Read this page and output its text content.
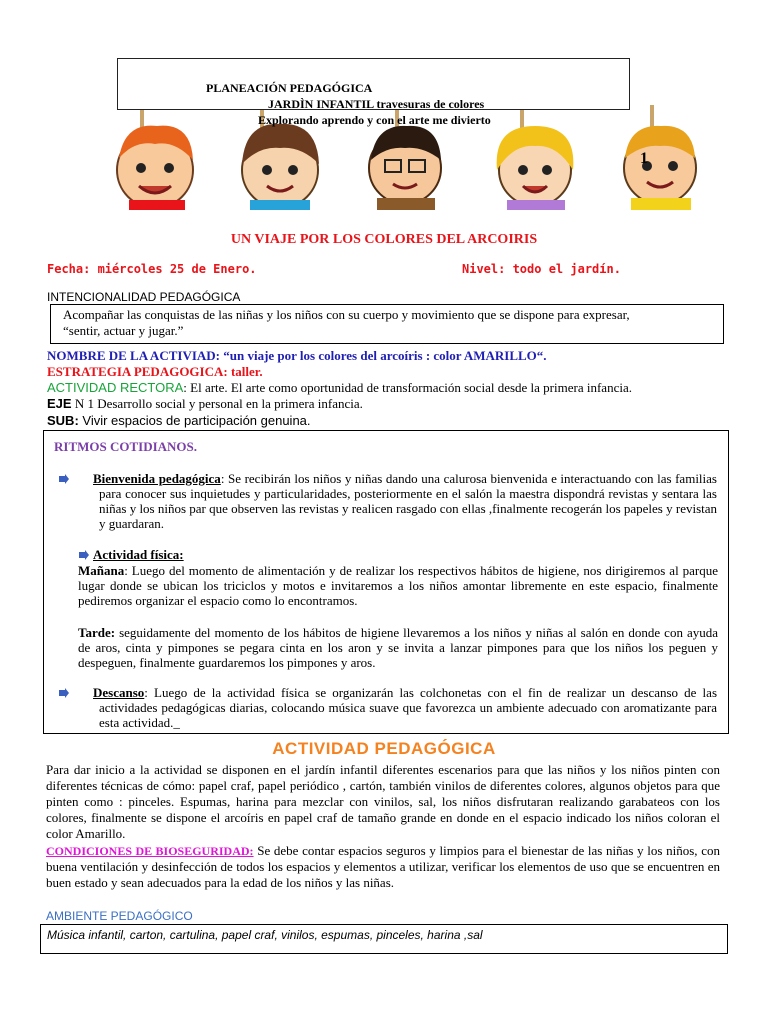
1
PLANEACIÓN PEDAGÓGICA
JARDÌN INFANTIL travesuras de colores
Explorando aprendo y con el arte me divierto
UN VIAJE POR LOS COLORES DEL ARCOIRIS
Fecha: miércoles 25 de Enero.	Nivel: todo el jardín.
INTENCIONALIDAD PEDAGÓGICA

Acompañar las conquistas de las niñas y los niños con su cuerpo y movimiento que se dispone para expresar,

“sentir, actuar y jugar.”

NOMBRE DE LA ACTIVIAD: “un viaje por los colores del arcoíris : color AMARILLO“.
ESTRATEGIA PEDAGOGICA: taller.
ACTIVIDAD RECTORA: El arte. El arte como oportunidad de transformación social desde la primera infancia.
EJE N 1 Desarrollo social y personal en la primera infancia.
SUB: Vivir espacios de participación genuina.
RITMOS COTIDIANOS.

Bienvenida pedagógica: Se recibirán los niños y niñas dando una calurosa bienvenida e interactuando con las familias para conocer sus inquietudes y particularidades, posteriormente en el salón la maestra dispondrá revistas y sentara las niñas y los niños par que observen las revistas y realicen rasgado con ellas ,finalmente recogerán los papeles y revistan y guardaran.

Actividad física:

Mañana: Luego del momento de alimentación y de realizar los respectivos hábitos de higiene, nos dirigiremos al parque lugar donde se ubican los triciclos y motos e invitaremos a los niños amontar libremente en este espacio, finalmente pediremos organizar el espacio como lo encontramos.

Tarde: seguidamente del momento de los hábitos de higiene llevaremos a los niños y niñas al salón en donde con ayuda de aros, cinta y pimpones se pegara cinta en los aron y se invita a lanzar pimpones para que los niños los peguen y despeguen, finalmente guardaremos los pimpones y aros.

Descanso: Luego de la actividad física se organizarán las colchonetas con el fin de realizar un descanso de las actividades pedagógicas diarias, colocando música suave que favorezca un ambiente adecuado con aromatizante para esta actividad._

ACTIVIDAD PEDAGÓGICA

Para dar inicio a la actividad se disponen en el jardín infantil diferentes escenarios para que las niños y los niños pinten con diferentes técnicas de cómo: papel craf, papel periódico , cartón, también vinilos de diferentes colores, algunos objetos para que pinten como : pinceles. Espumas, harina para mezclar con vinilos, sal, los niños disfrutaran realizando garabateos con los colores, finalmente se dispone el arcoíris en papel craf de tamaño grande en donde en el espacio indicado los niños coloran el color Amarillo.

CONDICIONES DE BIOSEGURIDAD: Se debe contar espacios seguros y limpios para el bienestar de las niñas y los niños, con buena ventilación y desinfección de todos los espacios y elementos a utilizar, verificar los elementos de uso que se encuentren en buen estado y sean adecuados para la edad de los niños y las niñas.

AMBIENTE PEDAGÓGICO

Música infantil, carton, cartulina, papel craf, vinilos, espumas, pinceles, harina ,sal
